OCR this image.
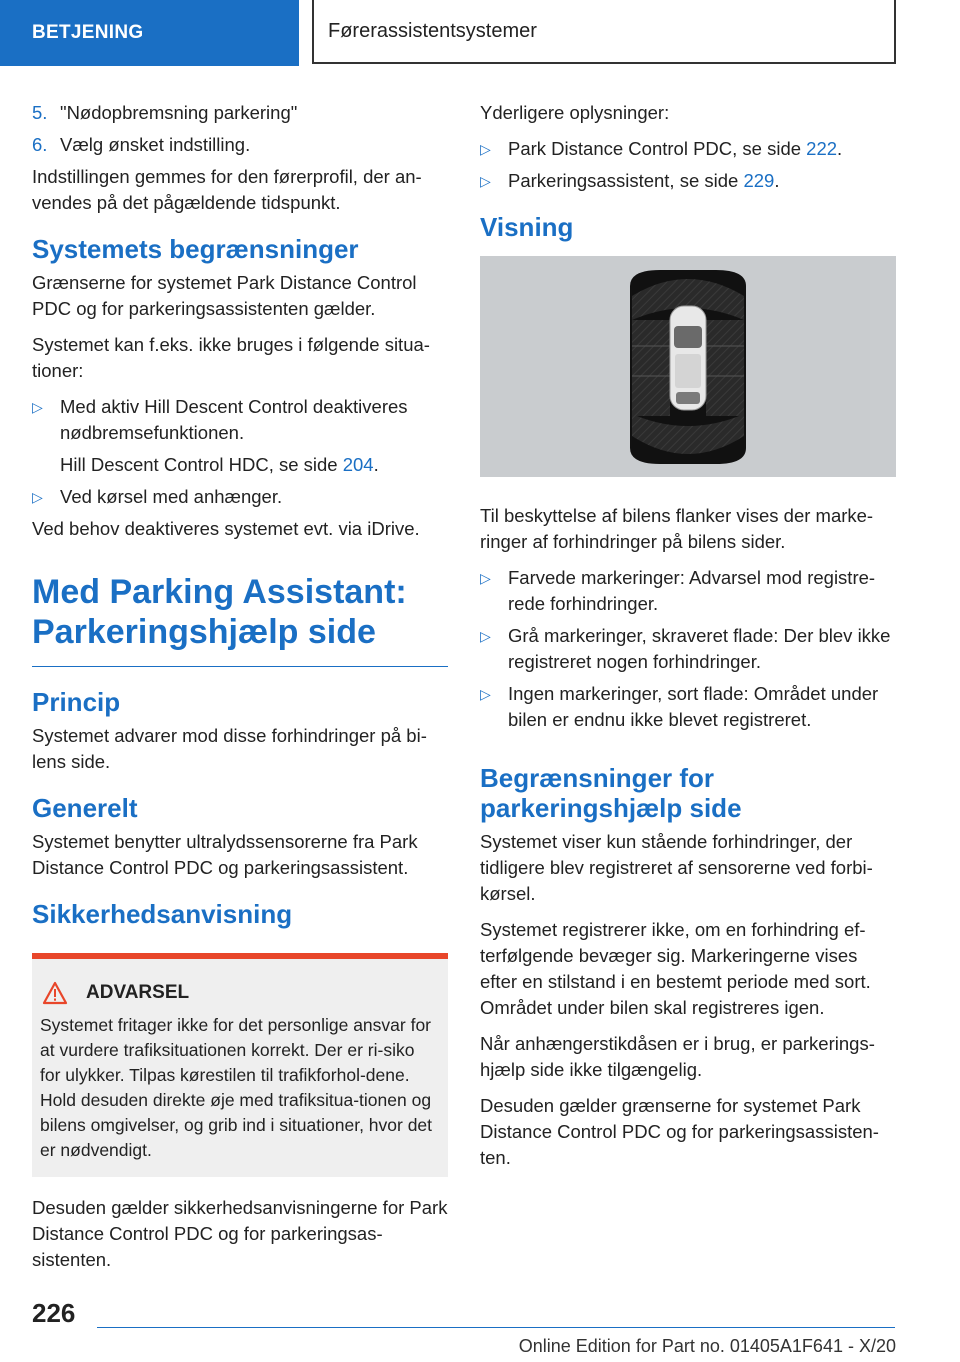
BETJENING	Førerassistentsystemer
5. "Nødopbremsning parkering"
6. Vælg ønsket indstilling.

Indstillingen gemmes for den førerprofil, der an-vendes på det pågældende tidspunkt.

Systemets begrænsninger

Grænserne for systemet Park Distance Control PDC og for parkeringsassistenten gælder.

Systemet kan f.eks. ikke bruges i følgende situa-tioner:

▷ Med aktiv Hill Descent Control deaktiveres nødbremsefunktionen.
Hill Descent Control HDC, se side 204.
▷ Ved kørsel med anhænger.

Ved behov deaktiveres systemet evt. via iDrive.

Med Parking Assistant: Parkeringshjælp side
Princip

Systemet advarer mod disse forhindringer på bi-lens side.

Generelt

Systemet benytter ultralydssensorerne fra Park Distance Control PDC og parkeringsassistent.

Sikkerhedsanvisning
ADVARSEL

Systemet fritager ikke for det personlige ansvar for at vurdere trafiksituationen korrekt. Der er ri-siko for ulykker. Tilpas kørestilen til trafikforhol-dene. Hold desuden direkte øje med trafiksitua-tionen og bilens omgivelser, og grib ind i situationer, hvor det er nødvendigt.

Desuden gælder sikkerhedsanvisningerne for Park Distance Control PDC og for parkeringsas-sistenten.

Yderligere oplysninger:

▷ Park Distance Control PDC, se side 222.
▷ Parkeringsassistent, se side 229.
Visning

Til beskyttelse af bilens flanker vises der marke-ringer af forhindringer på bilens sider.

▷ Farvede markeringer: Advarsel mod registre-rede forhindringer.
▷ Grå markeringer, skraveret flade: Der blev ikke registreret nogen forhindringer.
▷ Ingen markeringer, sort flade: Området under bilen er endnu ikke blevet registreret.
Begrænsninger for parkeringshjælp side

Systemet viser kun stående forhindringer, der tidligere blev registreret af sensorerne ved forbi-kørsel.

Systemet registrerer ikke, om en forhindring ef-terfølgende bevæger sig. Markeringerne vises efter en stilstand i en bestemt periode med sort. Området under bilen skal registreres igen.

Når anhængerstikdåsen er i brug, er parkerings-hjælp side ikke tilgængelig.

Desuden gælder grænserne for systemet Park Distance Control PDC og for parkeringsassisten-ten.

226
Online Edition for Part no. 01405A1F641 - X/20
